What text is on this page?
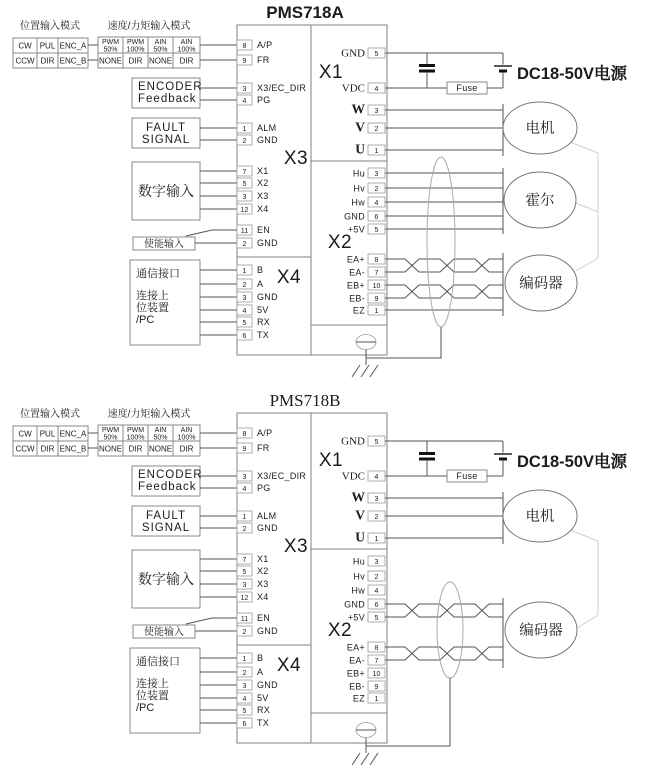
PMS718A
位置输入模式
CW PUL ENC_A
CCW DIR ENC_B
速度/力矩输入模式
PWM
50%
PWM
100%
AIN
50%
AIN
100%
NONE DIR NONE DIR
ENCODER
Feedback
FAULT
SIGNAL
数字输入
使能输入
通信接口
连接上
位装置
/PC
X3
8 A/P
9 FR
3 X3/EC_DIR
4 PG
1 ALM
2 GND
7 X1
5 X2
3 X3
12 X4
11 EN
2 GND
X4
1 B
2 A
3 GND
4 5V
5 RX
6 TX
X1
GND 5
VDC 4
W 3
V 2
U 1
X2
Hu 3
Hv 2
Hw 4
GND 6
+5V 5
EA+ 8
EA- 7
EB+ 10
EB- 9
EZ 1
Fuse
DC18-50V电源
电机
霍尔
编码器
PMS718B
位置输入模式
CW PUL ENC_A
CCW DIR ENC_B
速度/力矩输入模式
PWM
50%
PWM
100%
AIN
50%
AIN
100%
NONE DIR NONE DIR
ENCODER
Feedback
FAULT
SIGNAL
数字输入
使能输入
通信接口
连接上
位装置
/PC
X3
8 A/P
9 FR
3 X3/EC_DIR
4 PG
1 ALM
2 GND
7 X1
5 X2
3 X3
12 X4
11 EN
2 GND
X4
1 B
2 A
3 GND
4 5V
5 RX
6 TX
X1
GND 5
VDC 4
W 3
V 2
U 1
X2
Hu 3
Hv 2
Hw 4
GND 6
+5V 5
EA+ 8
EA- 7
EB+ 10
EB- 9
EZ 1
Fuse
DC18-50V电源
电机
编码器
